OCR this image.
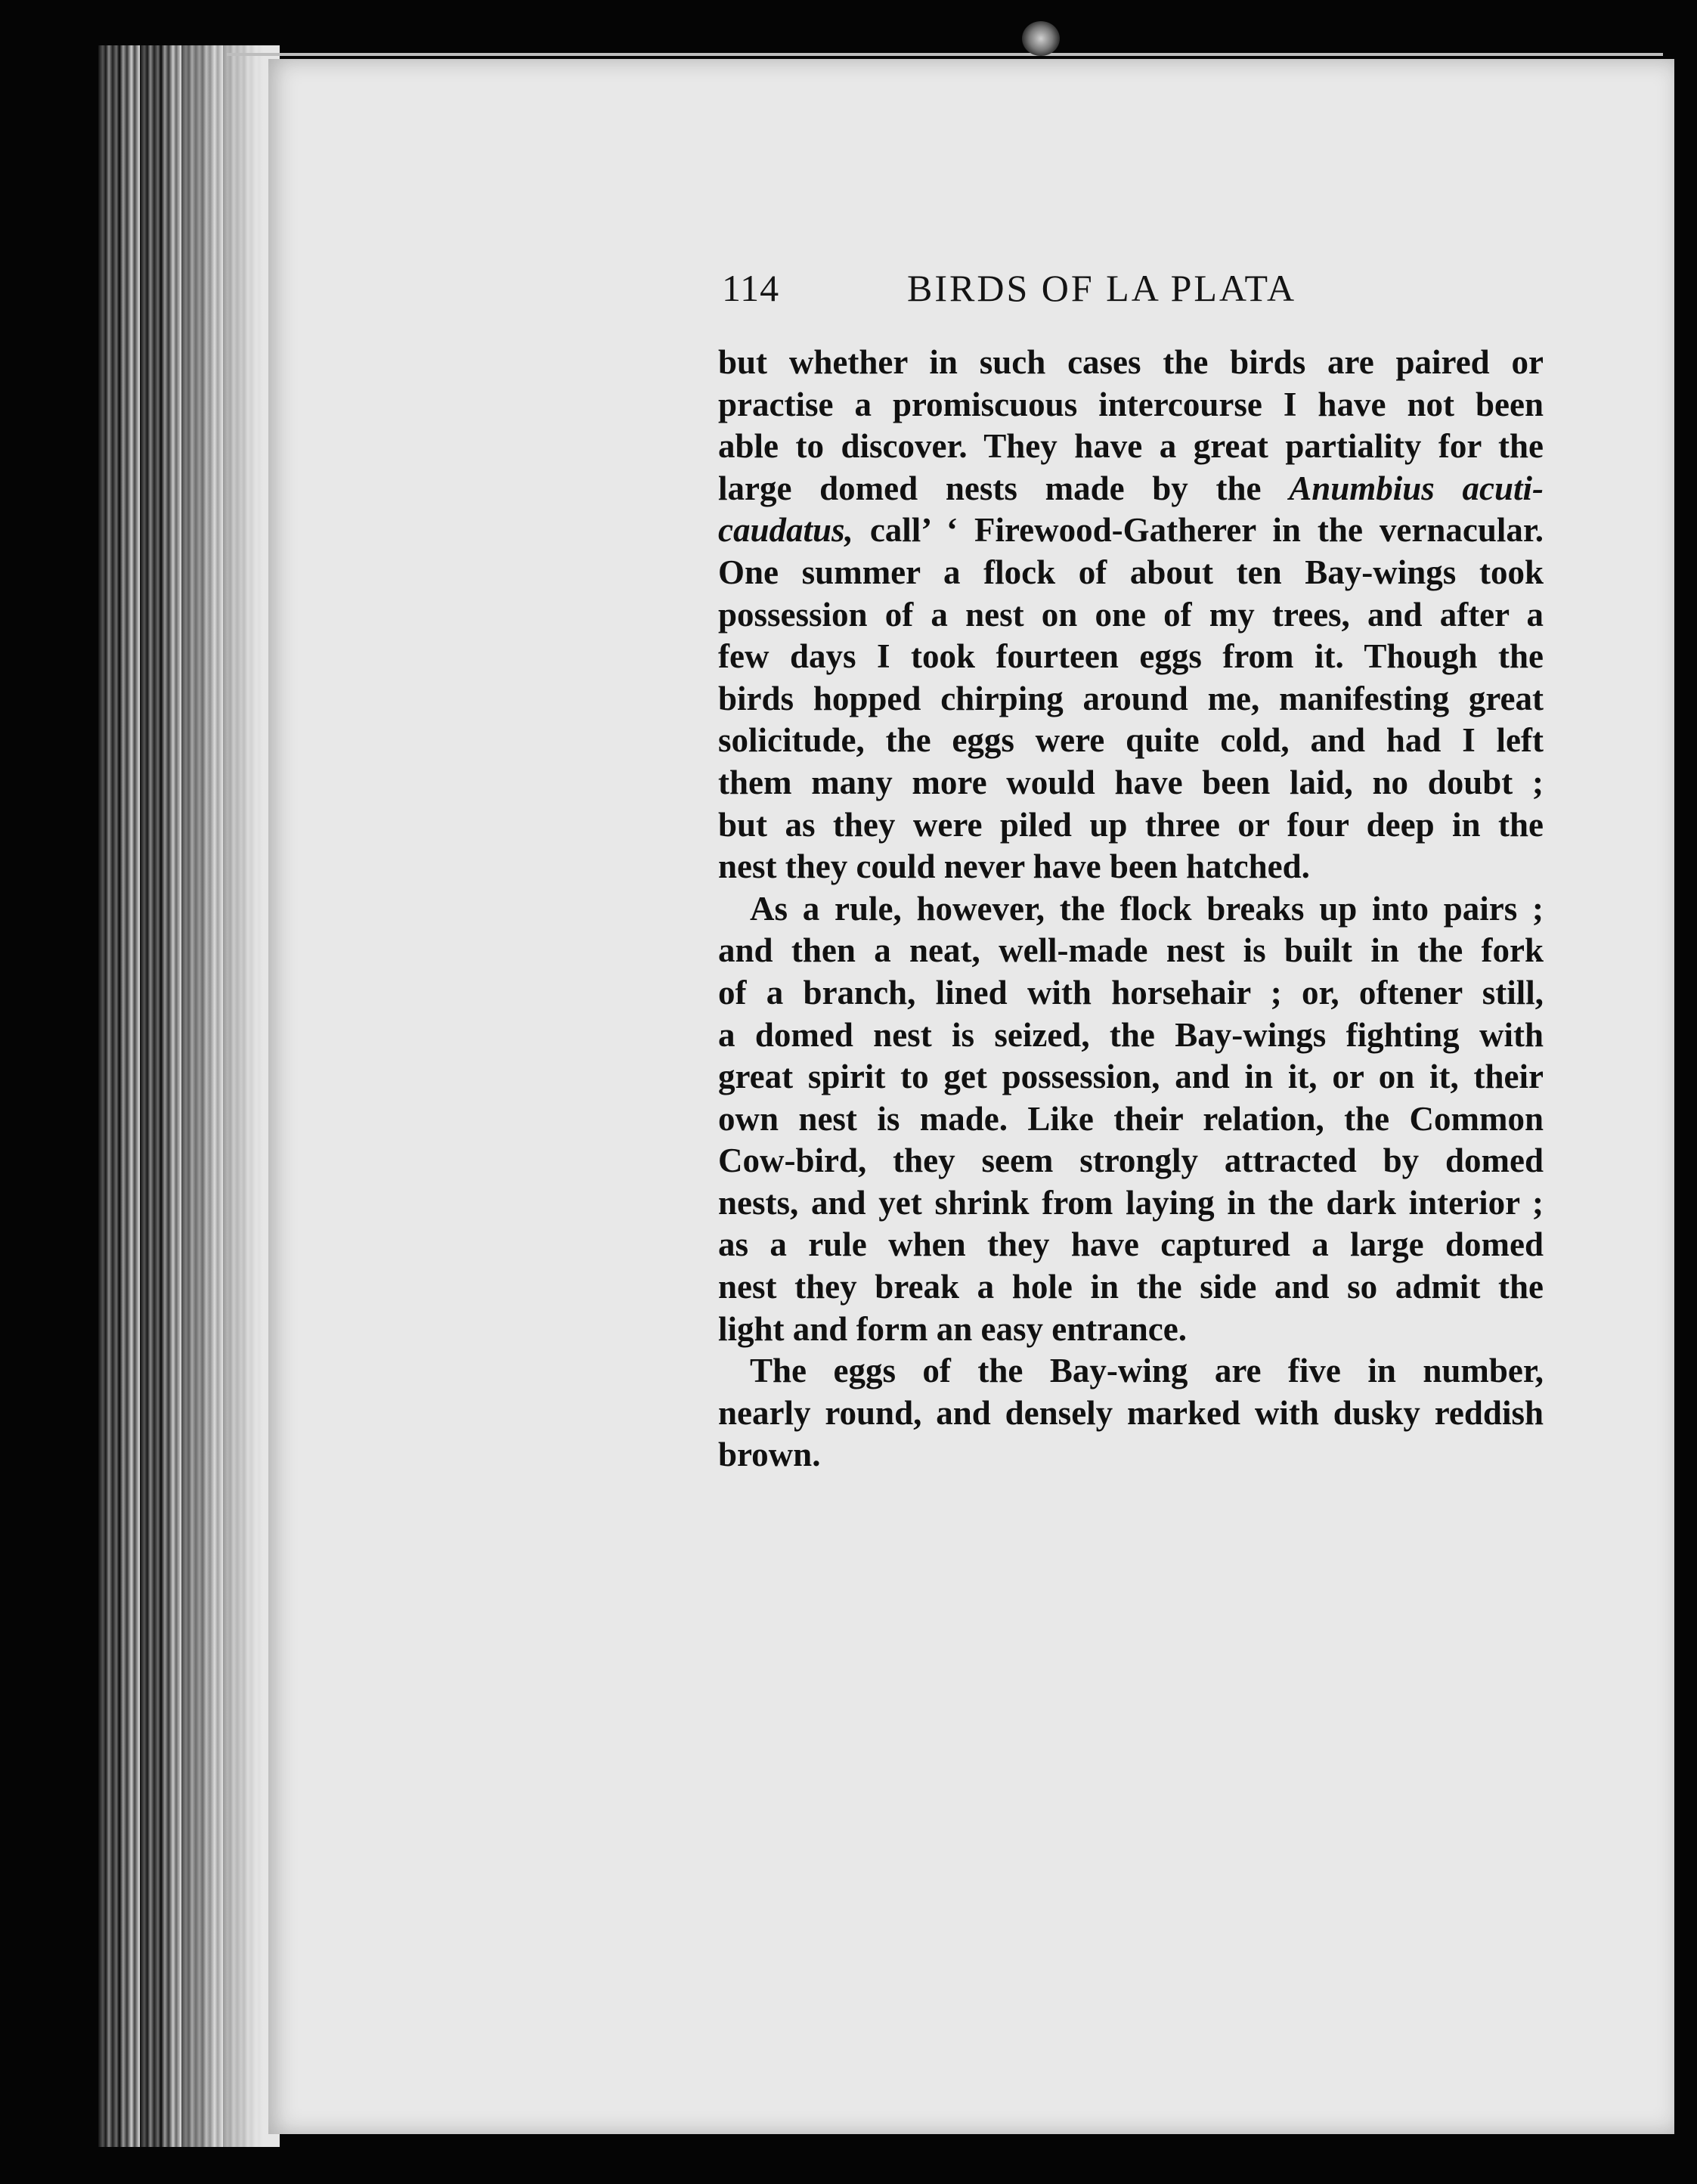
114	BIRDS OF LA PLATA
but whether in such cases the birds are paired or
practise a promiscuous intercourse I have not been
able to discover. They have a great partiality for the
large domed nests made by the Anumbius acuti-
caudatus, call’ ‘ Firewood-Gatherer in the vernacular.
One summer a flock of about ten Bay-wings took
possession of a nest on one of my trees, and after a
few days I took fourteen eggs from it. Though the
birds hopped chirping around me, manifesting great
solicitude, the eggs were quite cold, and had I left
them many more would have been laid, no doubt ;
but as they were piled up three or four deep in the
nest they could never have been hatched.
As a rule, however, the flock breaks up into pairs ;
and then a neat, well-made nest is built in the fork
of a branch, lined with horsehair ; or, oftener still,
a domed nest is seized, the Bay-wings fighting with
great spirit to get possession, and in it, or on it, their
own nest is made. Like their relation, the Common
Cow-bird, they seem strongly attracted by domed
nests, and yet shrink from laying in the dark interior ;
as a rule when they have captured a large domed
nest they break a hole in the side and so admit the
light and form an easy entrance.
The eggs of the Bay-wing are five in number,
nearly round, and densely marked with dusky reddish
brown.
